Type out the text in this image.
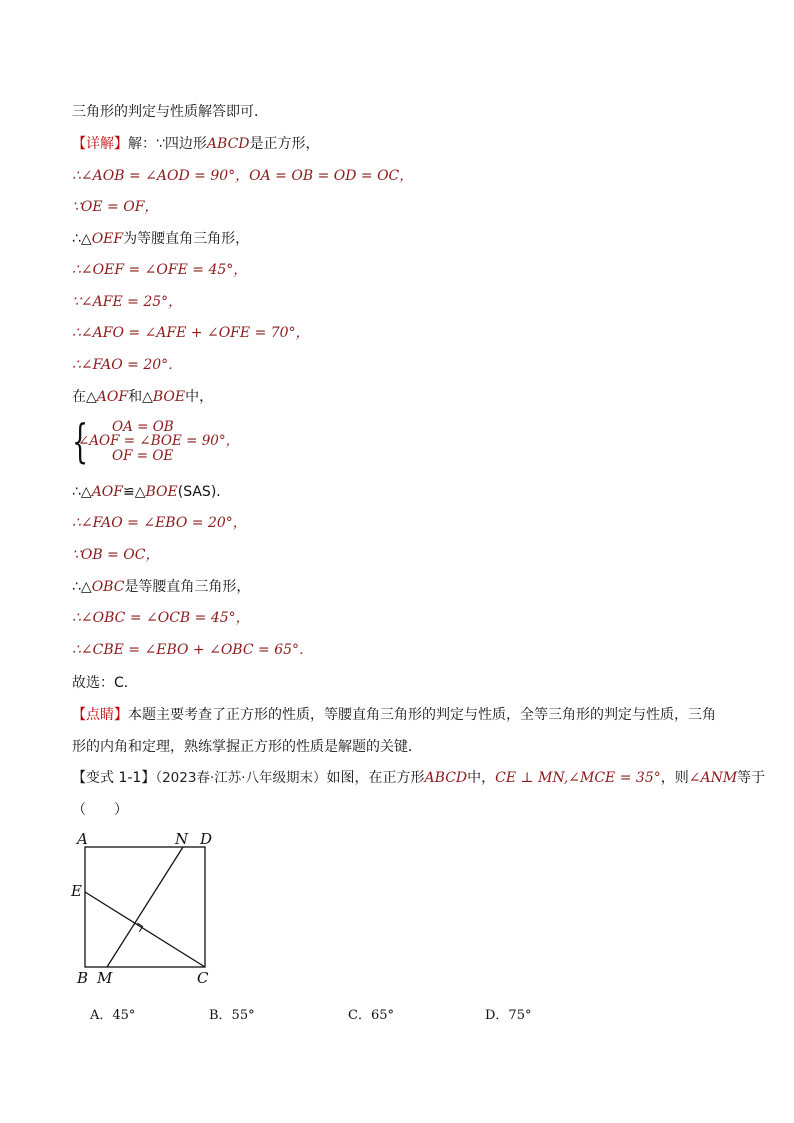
三角形的判定与性质解答即可．
【详解】解：∵四边形ABCD是正方形，
∴∠AOB = ∠AOD = 90°，OA = OB = OD = OC，
∵OE = OF，
∴△OEF为等腰直角三角形，
∴∠OEF = ∠OFE = 45°，
∵∠AFE = 25°，
∴∠AFO = ∠AFE + ∠OFE = 70°，
∴∠FAO = 20°．
在△AOF和△BOE中，
{ OA = OB
∠AOF = ∠BOE = 90°，
OF = OE
∴△AOF≌△BOE(SAS)．
∴∠FAO = ∠EBO = 20°，
∵OB = OC，
∴△OBC是等腰直角三角形，
∴∠OBC = ∠OCB = 45°，
∴∠CBE = ∠EBO + ∠OBC = 65°．
故选：C．
【点睛】本题主要考查了正方形的性质，等腰直角三角形的判定与性质，全等三角形的判定与性质，三角
形的内角和定理，熟练掌握正方形的性质是解题的关键．
【变式 1-1】（2023春·江苏·八年级期末）如图，在正方形ABCD中，CE ⊥ MN,∠MCE = 35°，则∠ANM等于
（　　）
A	N D
E
B M	C
A．45°	B．55°	C．65°	D．75°
